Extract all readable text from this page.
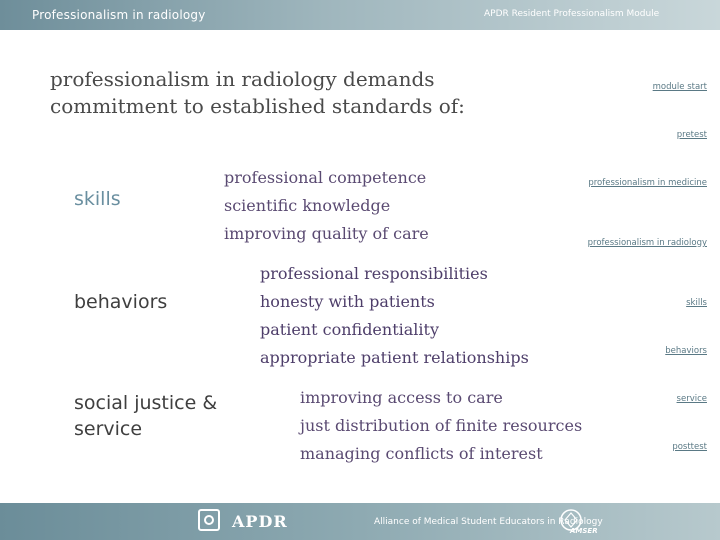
Professionalism in radiology	APDR Resident Professionalism Module
professionalism in radiology demands commitment to established standards of:
skills
professional competence
scientific knowledge
improving quality of care
behaviors
professional responsibilities
honesty with patients
patient confidentiality
appropriate patient relationships
social justice & service
improving access to care
just distribution of finite resources
managing conflicts of interest
module start
pretest
professionalism in medicine
professionalism in radiology
skills
behaviors
service
posttest
APDR	Alliance of Medical Student Educators in Radiology
AMSER
